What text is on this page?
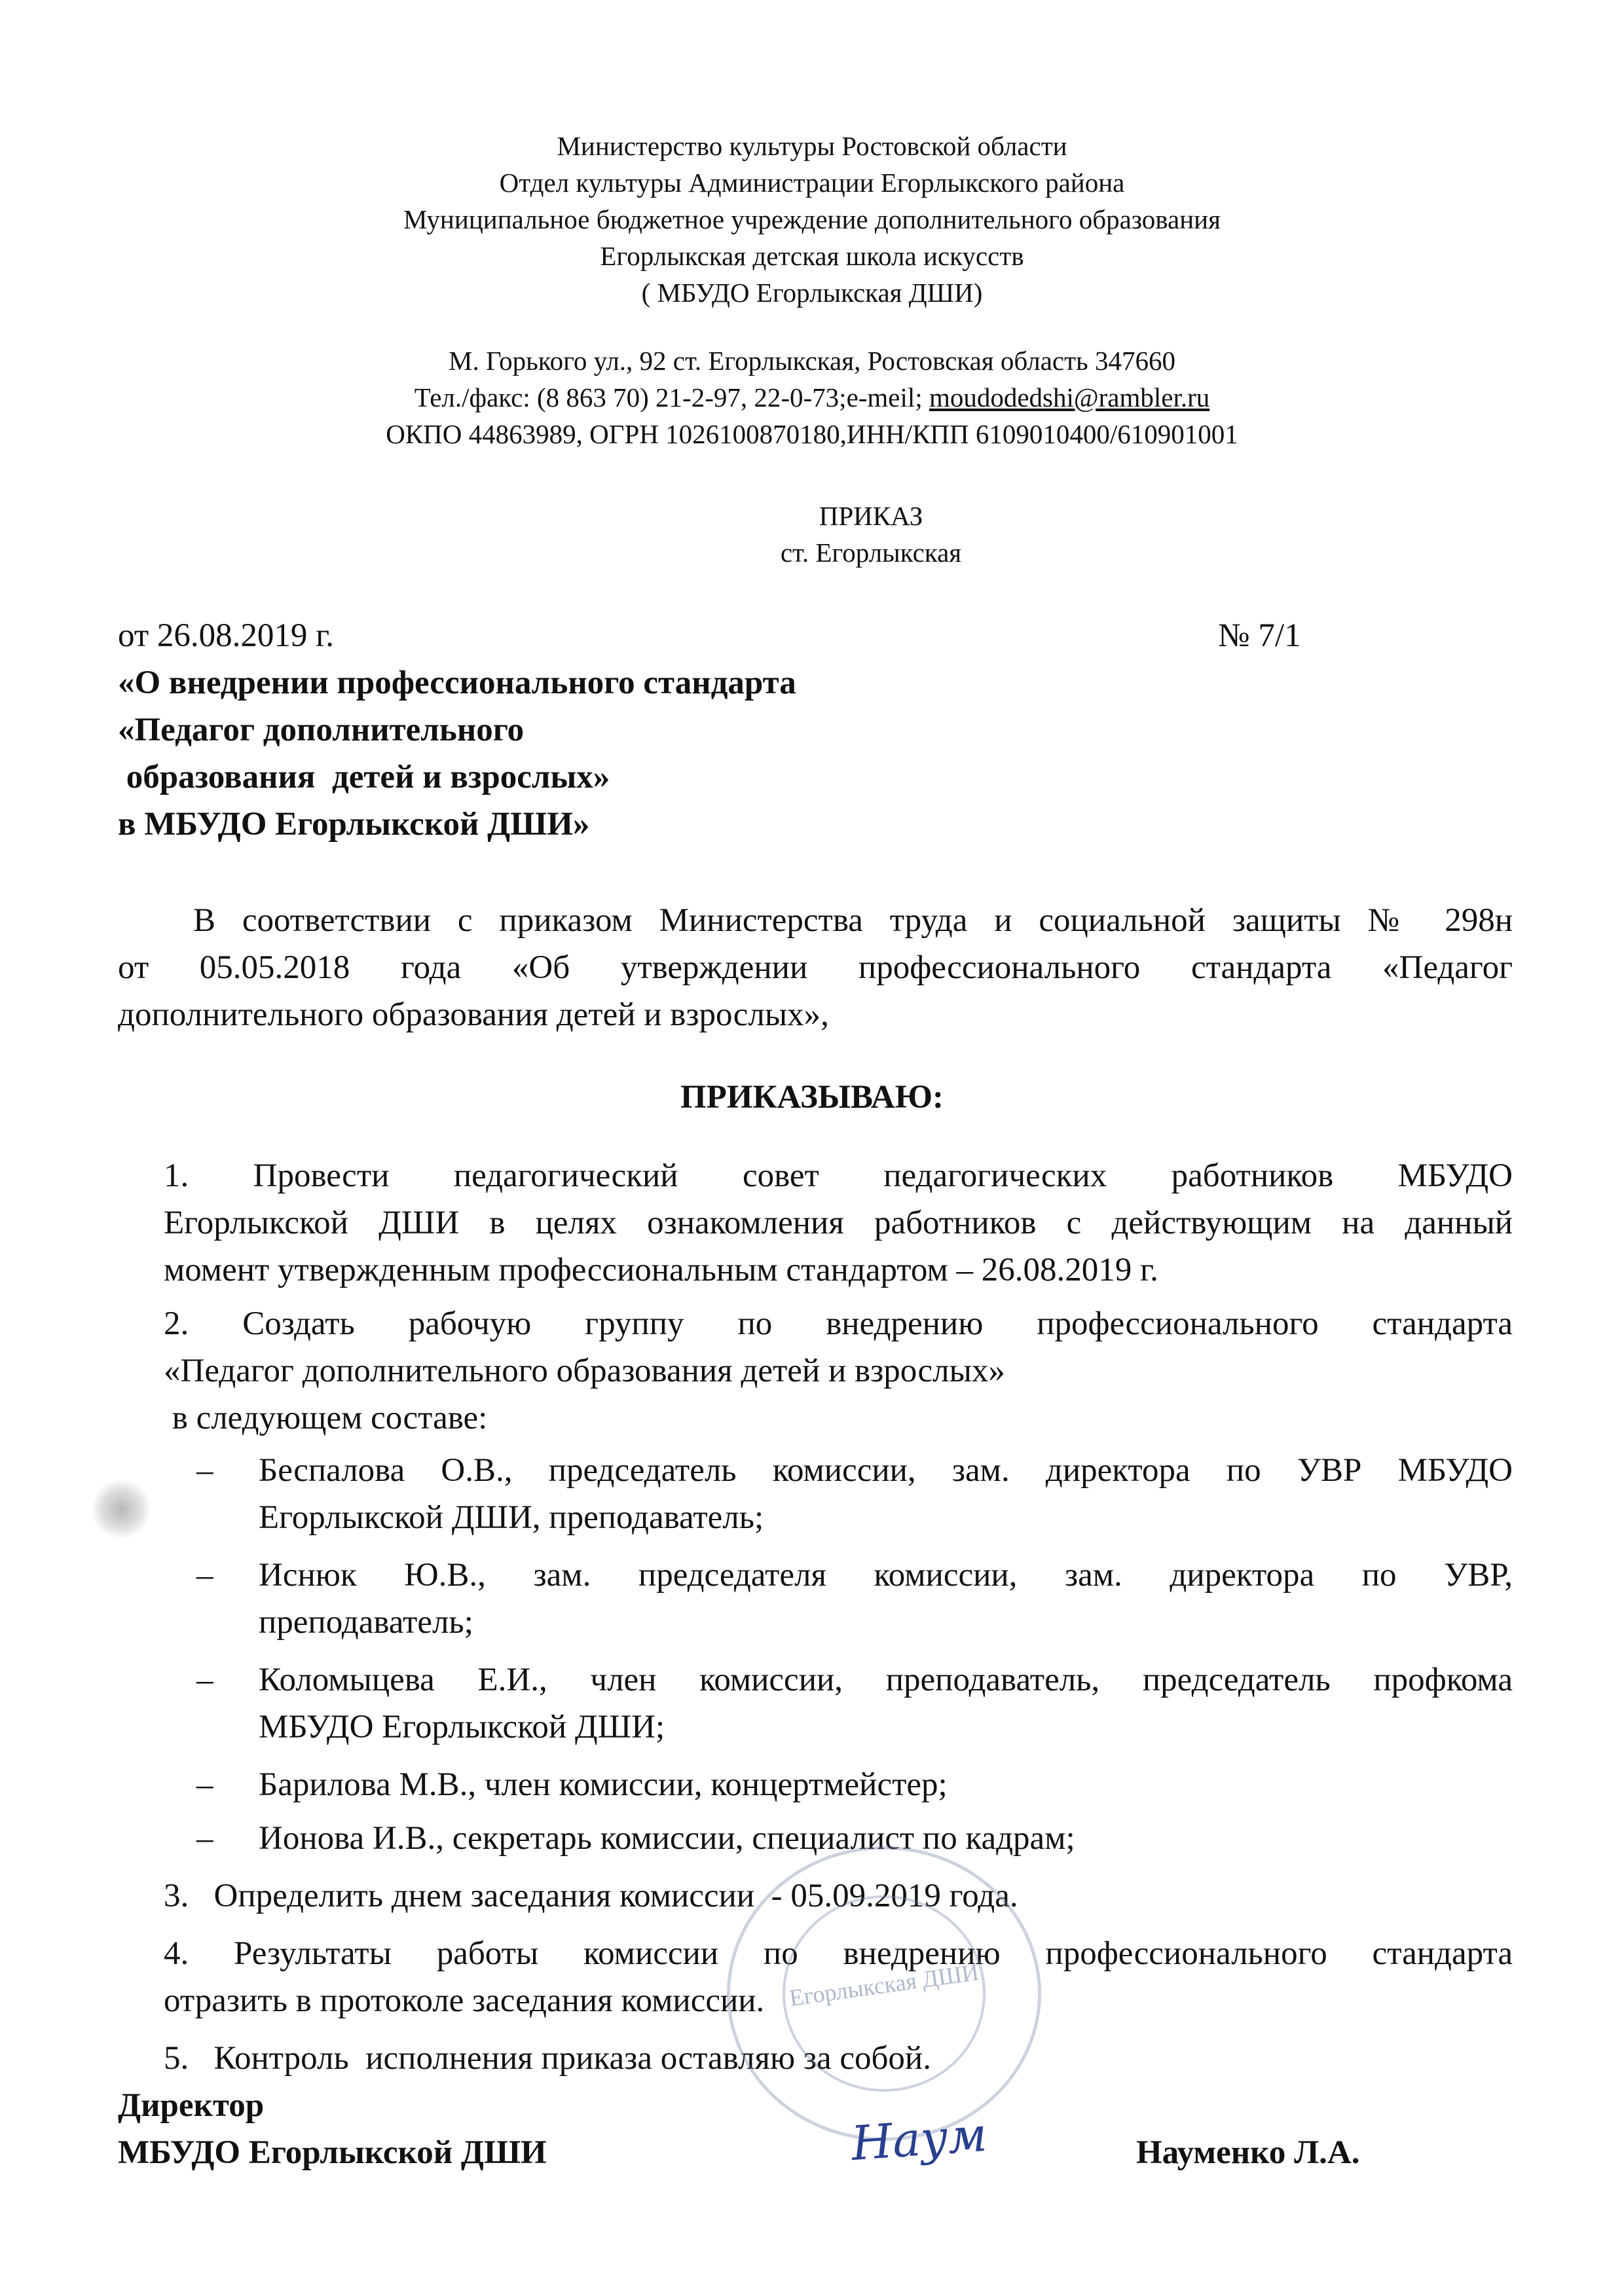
Министерство культуры Ростовской области
Отдел культуры Администрации Егорлыкского района
Муниципальное бюджетное учреждение дополнительного образования
Егорлыкская детская школа искусств
( МБУДО Егорлыкская ДШИ)
М. Горького ул., 92 ст. Егорлыкская, Ростовская область 347660
Тел./факс: (8 863 70) 21-2-97, 22-0-73;e-meil; moudodedshi@rambler.ru
ОКПО 44863989, ОГРН 1026100870180,ИНН/КПП 6109010400/610901001
ПРИКАЗ
ст. Егорлыкская
от 26.08.2019 г.	№ 7/1
«О внедрении профессионального стандарта
«Педагог дополнительного
образования  детей и взрослых»
в МБУДО Егорлыкской ДШИ»
В соответствии с приказом Министерства труда и социальной защиты № 298н
от 05.05.2018 года «Об утверждении профессионального стандарта «Педагог
дополнительного образования детей и взрослых»,
ПРИКАЗЫВАЮ:
1. Провести педагогический совет педагогических работников МБУДО
Егорлыкской ДШИ в целях ознакомления работников с действующим на данный
момент утвержденным профессиональным стандартом – 26.08.2019 г.
2. Создать рабочую группу по внедрению профессионального стандарта
«Педагог дополнительного образования детей и взрослых»
в следующем составе:
– Беспалова О.В., председатель комиссии, зам. директора по УВР МБУДО
Егорлыкской ДШИ, преподаватель;
– Иснюк Ю.В., зам. председателя комиссии, зам. директора по УВР,
преподаватель;
– Коломыцева Е.И., член комиссии, преподаватель, председатель профкома
МБУДО Егорлыкской ДШИ;
– Барилова М.В., член комиссии, концертмейстер;
– Ионова И.В., секретарь комиссии, специалист по кадрам;
3.   Определить днем заседания комиссии  - 05.09.2019 года.
4. Результаты работы комиссии по внедрению профессионального стандарта
отразить в протоколе заседания комиссии.
5.   Контроль  исполнения приказа оставляю за собой.
Егорлыкская ДШИ
Директор
МБУДО Егорлыкской ДШИ	Наум	Науменко Л.А.
